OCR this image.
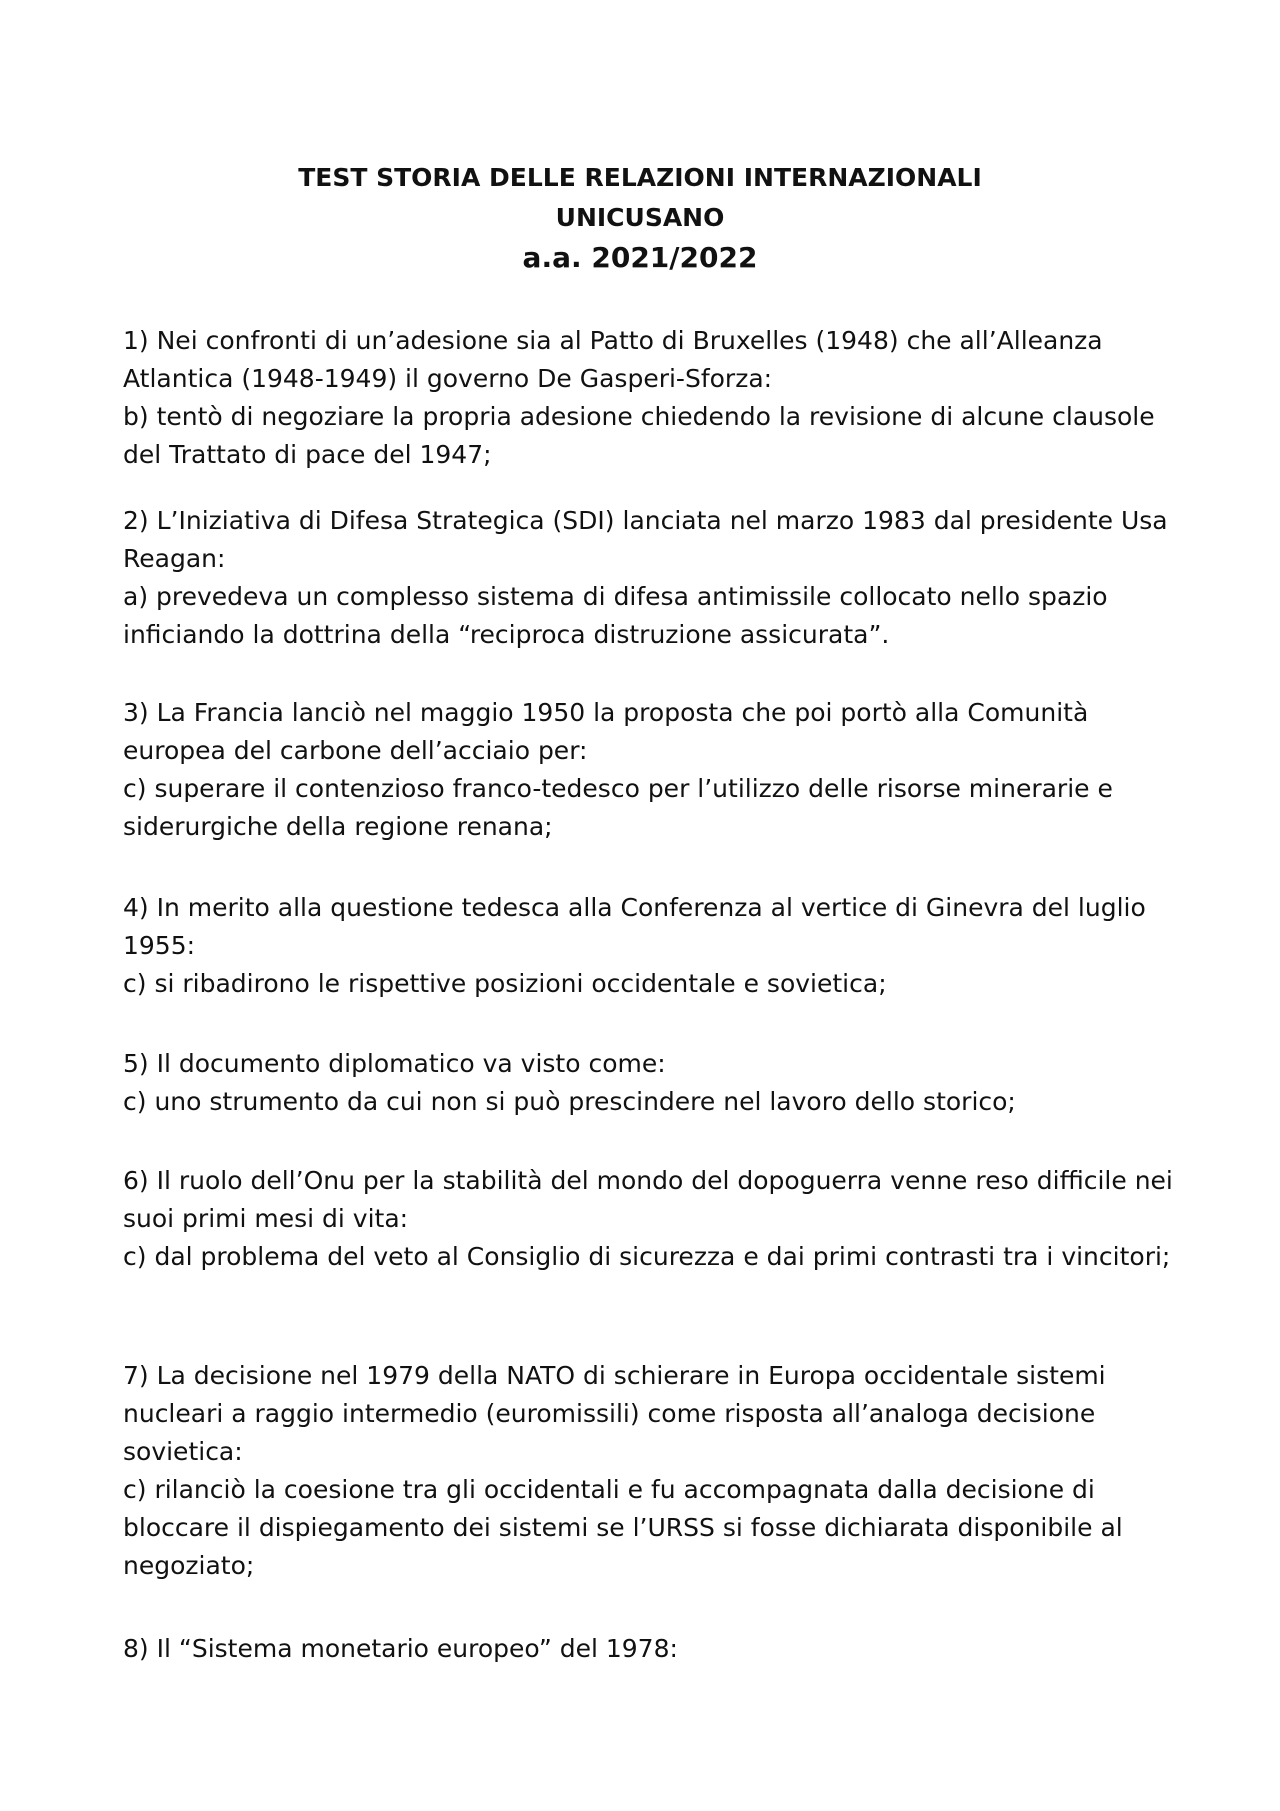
TEST STORIA DELLE RELAZIONI INTERNAZIONALI
UNICUSANO
a.a. 2021/2022
1) Nei confronti di un’adesione sia al Patto di Bruxelles (1948) che all’Alleanza Atlantica (1948-1949) il governo De Gasperi-Sforza:
b) tentò di negoziare la propria adesione chiedendo la revisione di alcune clausole del Trattato di pace del 1947;
2) L’Iniziativa di Difesa Strategica (SDI) lanciata nel marzo 1983 dal presidente Usa Reagan:
a) prevedeva un complesso sistema di difesa antimissile collocato nello spazio inficiando la dottrina della “reciproca distruzione assicurata”.
3) La Francia lanciò nel maggio 1950 la proposta che poi portò alla Comunità europea del carbone dell’acciaio per:
c) superare il contenzioso franco-tedesco per l’utilizzo delle risorse minerarie e siderurgiche della regione renana;
4) In merito alla questione tedesca alla Conferenza al vertice di Ginevra del luglio 1955:
c) si ribadirono le rispettive posizioni occidentale e sovietica;
5) Il documento diplomatico va visto come:
c) uno strumento da cui non si può prescindere nel lavoro dello storico;
6) Il ruolo dell’Onu per la stabilità del mondo del dopoguerra venne reso difficile nei suoi primi mesi di vita:
c) dal problema del veto al Consiglio di sicurezza e dai primi contrasti tra i vincitori;
7) La decisione nel 1979 della NATO di schierare in Europa occidentale sistemi nucleari a raggio intermedio (euromissili) come risposta all’analoga decisione sovietica:
c) rilanciò la coesione tra gli occidentali e fu accompagnata dalla decisione di bloccare il dispiegamento dei sistemi se l’URSS si fosse dichiarata disponibile al negoziato;
8) Il “Sistema monetario europeo” del 1978:
